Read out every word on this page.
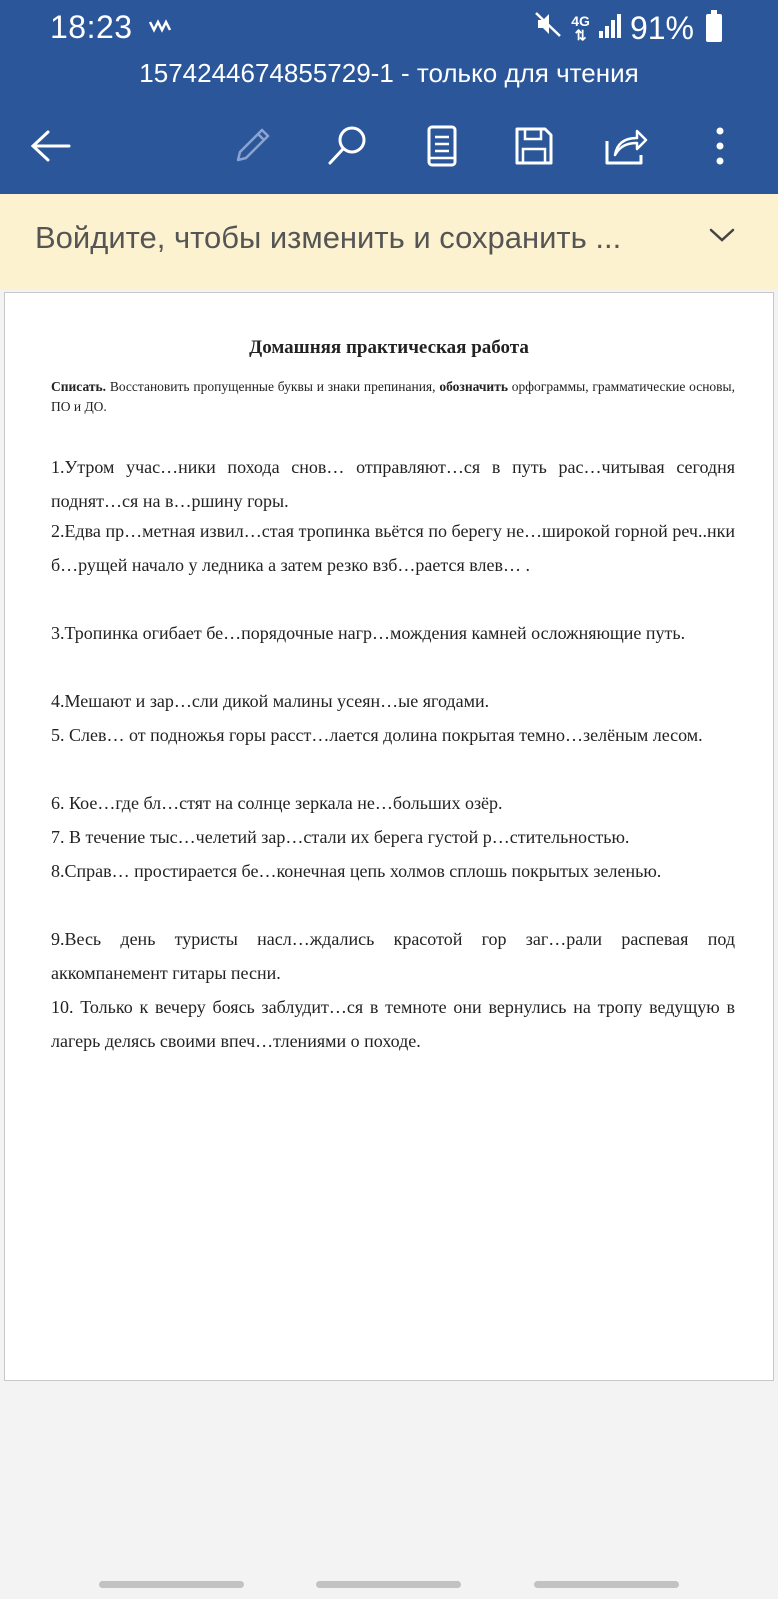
18:23	4G
⇅ 91%
1574244674855729-1 - только для чтения
Войдите, чтобы изменить и сохранить ...
Домашняя практическая работа
Списать. Восстановить пропущенные буквы и знаки препинания, обозначить орфограммы, грамматические основы, ПО и ДО.

1.Утром учас…ники похода снов… отправляют…ся в путь рас…читывая сегодня поднят…ся на в…ршину горы.

2.Едва пр…метная извил…стая тропинка вьётся по берегу не…широкой горной реч..нки б…рущей начало у ледника а затем резко взб…рается влев… .

3.Тропинка огибает бе…порядочные нагр…мождения камней осложняющие путь.

4.Мешают и зар…сли дикой малины усеян…ые ягодами.

5. Слев… от подножья горы расст…лается долина покрытая темно…зелёным лесом.

6. Кое…где бл…стят на солнце зеркала не…больших озёр.

7. В течение тыс…челетий зар…стали их берега густой р…стительностью.

8.Справ… простирается бе…конечная цепь холмов сплошь покрытых зеленью.

9.Весь день туристы насл…ждались красотой гор заг…рали распевая под аккомпанемент гитары песни.

10. Только к вечеру боясь заблудит…ся в темноте они вернулись на тропу ведущую в лагерь делясь своими впеч…тлениями о походе.
